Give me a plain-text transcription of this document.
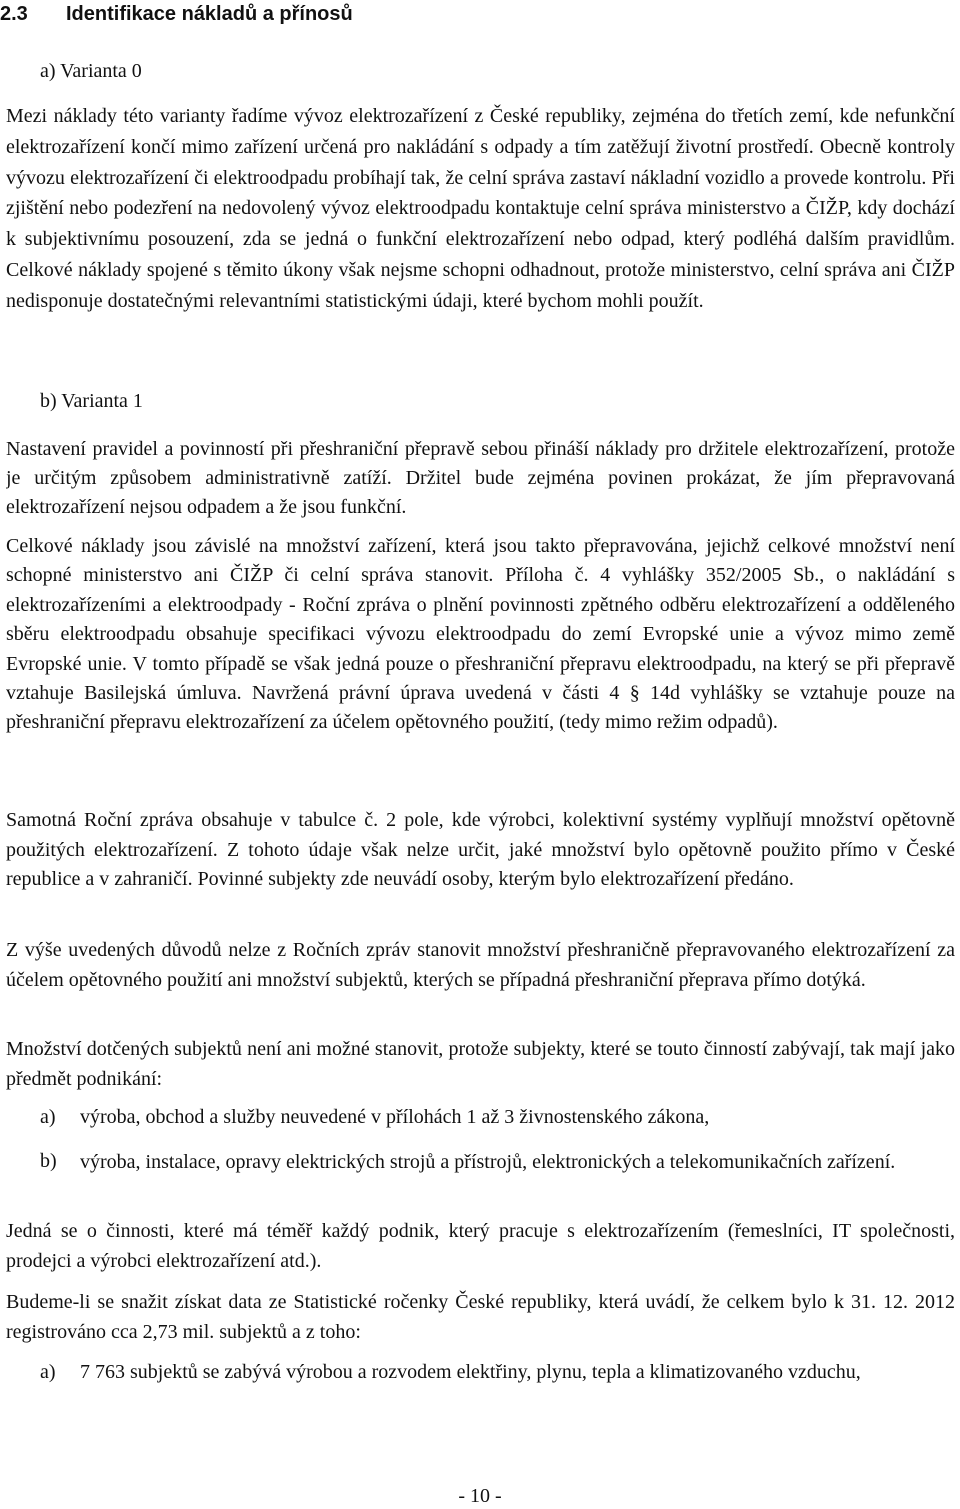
2.3 Identifikace nákladů a přínosů
a) Varianta 0
Mezi náklady této varianty řadíme vývoz elektrozařízení z České republiky, zejména do třetích zemí, kde nefunkční
elektrozařízení končí mimo zařízení určená pro nakládání s odpady a tím zatěžují životní prostředí. Obecně kontroly
vývozu elektrozařízení či elektroodpadu probíhají tak, že celní správa zastaví nákladní vozidlo a provede kontrolu. Při
zjištění nebo podezření na nedovolený vývoz elektroodpadu kontaktuje celní správa ministerstvo a ČIŽP, kdy dochází
k subjektivnímu posouzení, zda se jedná o funkční elektrozařízení nebo odpad, který podléhá dalším pravidlům.
Celkové náklady spojené s těmito úkony však nejsme schopni odhadnout, protože ministerstvo, celní správa ani ČIŽP
nedisponuje dostatečnými relevantními statistickými údaji, které bychom mohli použít.
b) Varianta 1
Nastavení pravidel a povinností při přeshraniční přepravě sebou přináší náklady pro držitele elektrozařízení, protože
je určitým způsobem administrativně zatíží. Držitel bude zejména povinen prokázat, že jím přepravovaná
elektrozařízení nejsou odpadem a že jsou funkční.
Celkové náklady jsou závislé na množství zařízení, která jsou takto přepravována, jejichž celkové množství není
schopné ministerstvo ani ČIŽP či celní správa stanovit. Příloha č. 4 vyhlášky 352/2005 Sb., o nakládání s
elektrozařízeními a elektroodpady - Roční zpráva o plnění povinnosti zpětného odběru elektrozařízení a odděleného
sběru elektroodpadu obsahuje specifikaci vývozu elektroodpadu do zemí Evropské unie a vývoz mimo země
Evropské unie. V tomto případě se však jedná pouze o přeshraniční přepravu elektroodpadu, na který se při přepravě
vztahuje Basilejská úmluva. Navržená právní úprava uvedená v části 4 § 14d vyhlášky se vztahuje pouze na
přeshraniční přepravu elektrozařízení za účelem opětovného použití, (tedy mimo režim odpadů).
Samotná Roční zpráva obsahuje v tabulce č. 2 pole, kde výrobci, kolektivní systémy vyplňují množství opětovně
použitých elektrozařízení. Z tohoto údaje však nelze určit, jaké množství bylo opětovně použito přímo v České
republice a v zahraničí. Povinné subjekty zde neuvádí osoby, kterým bylo elektrozařízení předáno.
Z výše uvedených důvodů nelze z Ročních zpráv stanovit množství přeshraničně přepravovaného elektrozařízení za
účelem opětovného použití ani množství subjektů, kterých se případná přeshraniční přeprava přímo dotýká.
Množství dotčených subjektů není ani možné stanovit, protože subjekty, které se touto činností zabývají, tak mají jako
předmět podnikání:
a) výroba, obchod a služby neuvedené v přílohách 1 až 3 živnostenského zákona,
b) výroba, instalace, opravy elektrických strojů a přístrojů, elektronických a telekomunikačních zařízení.
Jedná se o činnosti, které má téměř každý podnik, který pracuje s elektrozařízením (řemeslníci, IT společnosti,
prodejci a výrobci elektrozařízení atd.).
Budeme-li se snažit získat data ze Statistické ročenky České republiky, která uvádí, že celkem bylo k 31. 12. 2012
registrováno cca 2,73 mil. subjektů a z toho:
a) 7 763 subjektů se zabývá výrobou a rozvodem elektřiny, plynu, tepla a klimatizovaného vzduchu,
- 10 -
